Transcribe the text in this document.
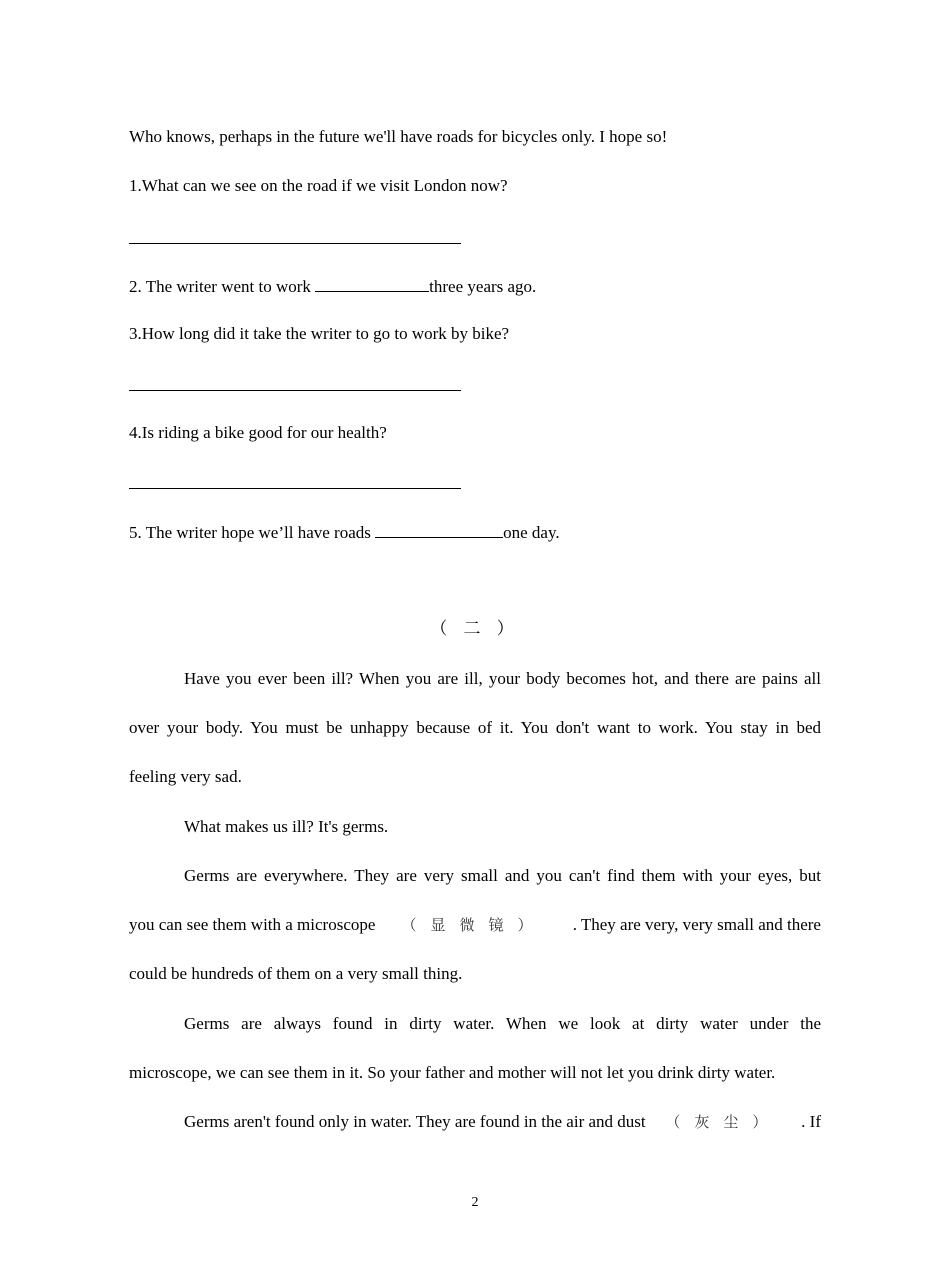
Who knows, perhaps in the future we'll have roads for bicycles only. I hope so!
1.What can we see on the road if we visit London now?
2. The writer went to work	three years ago.
3.How long did it take the writer to go to work by bike?
4.Is riding a bike good for our health?
5. The writer hope we’ll have roads	one day.
（ 二 ）
Have you ever been ill? When you are ill, your body becomes hot, and there are pains all
over your body. You must be unhappy because of it. You don't want to work. You stay in bed
feeling very sad.
What makes us ill? It's germs.
Germs are everywhere. They are very small and you can't find them with your eyes, but
you can see them with a microscope （显微镜） . They are very, very small and there
could be hundreds of them on a very small thing.
Germs are always found in dirty water. When we look at dirty water under the
microscope, we can see them in it. So your father and mother will not let you drink dirty water.
Germs aren't found only in water. They are found in the air and dust （灰尘） . If
2
